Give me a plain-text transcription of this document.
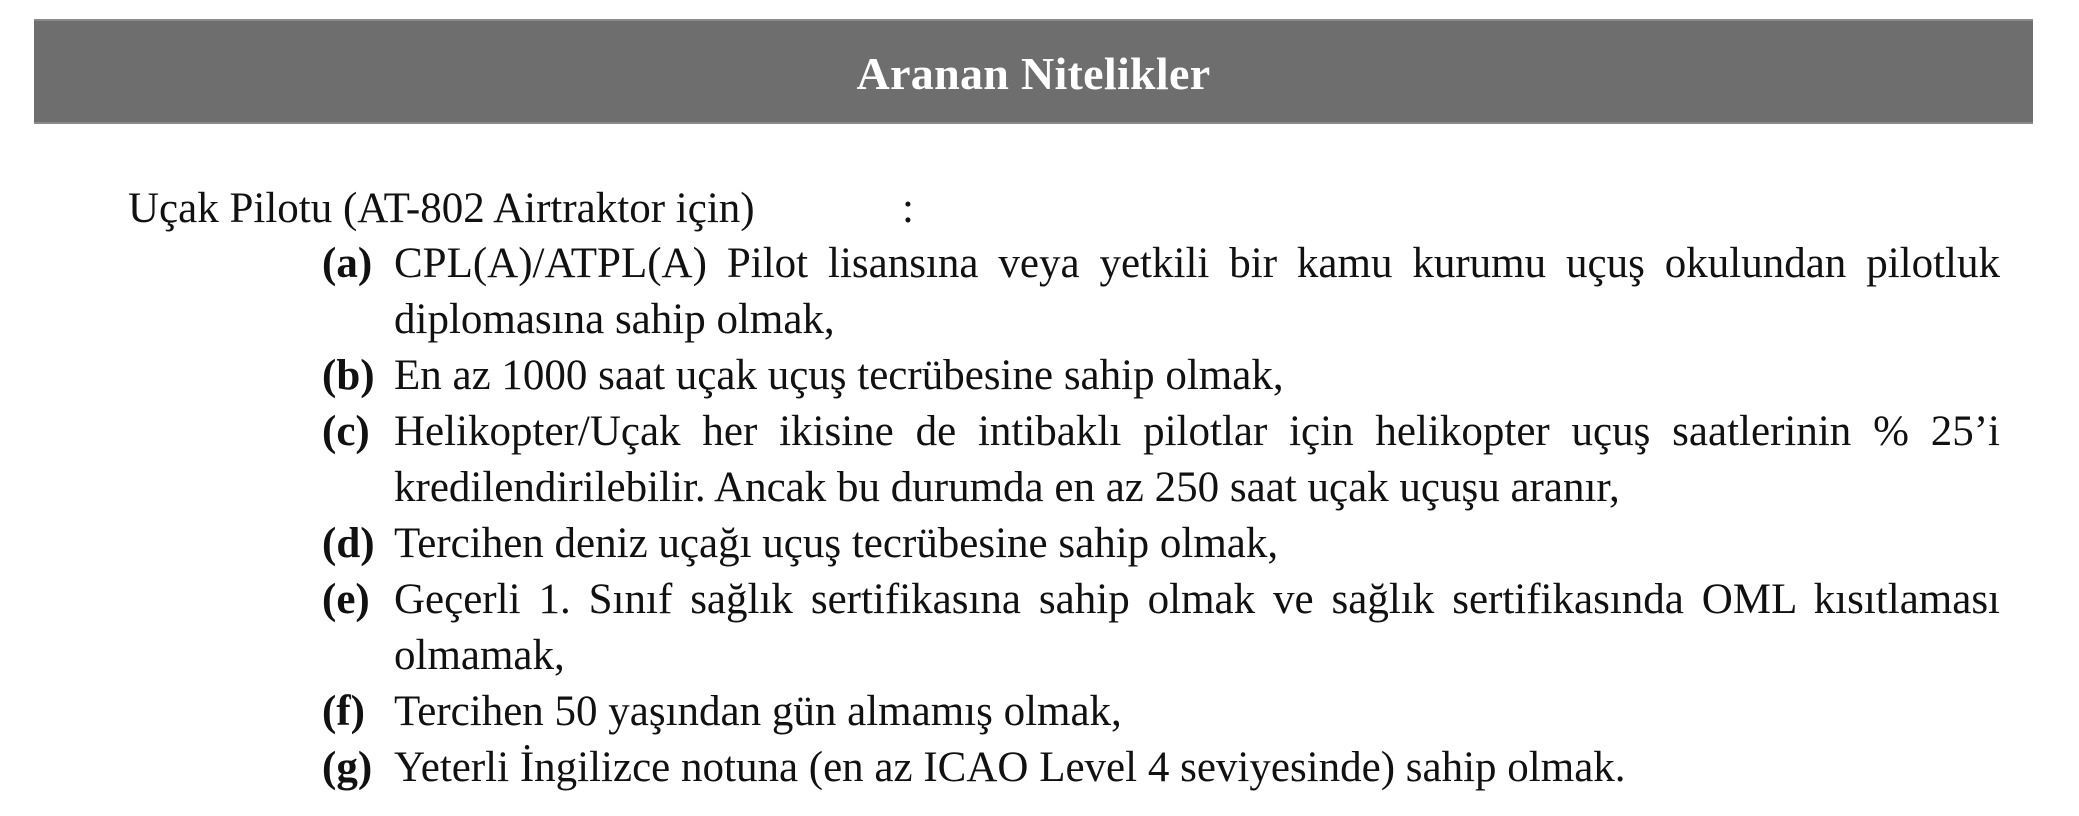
Aranan Nitelikler
Uçak Pilotu (AT-802 Airtraktor için)	:
(a) CPL(A)/ATPL(A) Pilot lisansına veya yetkili bir kamu kurumu uçuş okulundan pilotluk diplomasına sahip olmak,
(b) En az 1000 saat uçak uçuş tecrübesine sahip olmak,
(c) Helikopter/Uçak her ikisine de intibaklı pilotlar için helikopter uçuş saatlerinin % 25’i kredilendirilebilir. Ancak bu durumda en az 250 saat uçak uçuşu aranır,
(d) Tercihen deniz uçağı uçuş tecrübesine sahip olmak,
(e) Geçerli 1. Sınıf sağlık sertifikasına sahip olmak ve sağlık sertifikasında OML kısıtlaması olmamak,
(f) Tercihen 50 yaşından gün almamış olmak,
(g) Yeterli İngilizce notuna (en az ICAO Level 4 seviyesinde) sahip olmak.
